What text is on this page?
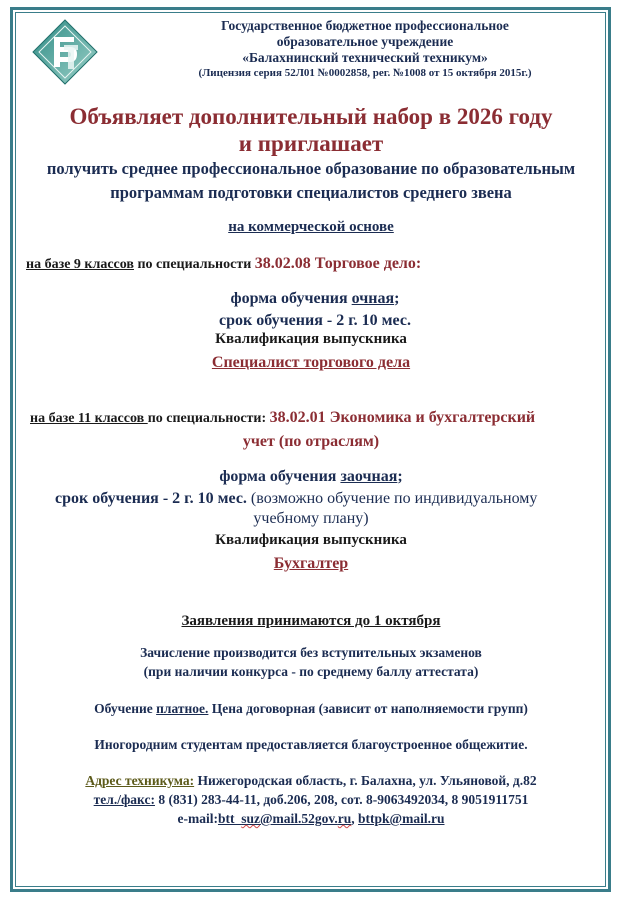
Государственное бюджетное профессиональное
образовательное учреждение
«Балахнинский технический техникум»
(Лицензия серия 52Л01 №0002858, рег. №1008 от 15 октября 2015г.)
Объявляет дополнительный набор в 2026 году
и приглашает
получить среднее профессиональное образование по образовательным
программам подготовки специалистов среднего звена
на коммерческой основе
на базе 9 классов по специальности 38.02.08 Торговое дело:
форма обучения очная;
срок обучения - 2 г. 10 мес.
Квалификация выпускника
Специалист торгового дела
на базе 11 классов по специальности: 38.02.01 Экономика и бухгалтерский
учет (по отраслям)
форма обучения заочная;
срок обучения - 2 г. 10 мес. (возможно обучение по индивидуальному
учебному плану)
Квалификация выпускника
Бухгалтер
Заявления принимаются до 1 октября
Зачисление производится без вступительных экзаменов
(при наличии конкурса - по среднему баллу аттестата)
Обучение платное. Цена договорная (зависит от наполняемости групп)
Иногородним студентам предоставляется благоустроенное общежитие.
Адрес техникума: Нижегородская область, г. Балахна, ул. Ульяновой, д.82
тел./факс: 8 (831) 283-44-11, доб.206, 208, сот. 8-9063492034, 8 9051911751
e-mail:btt_suz@mail.52gov.ru, bttpk@mail.ru
